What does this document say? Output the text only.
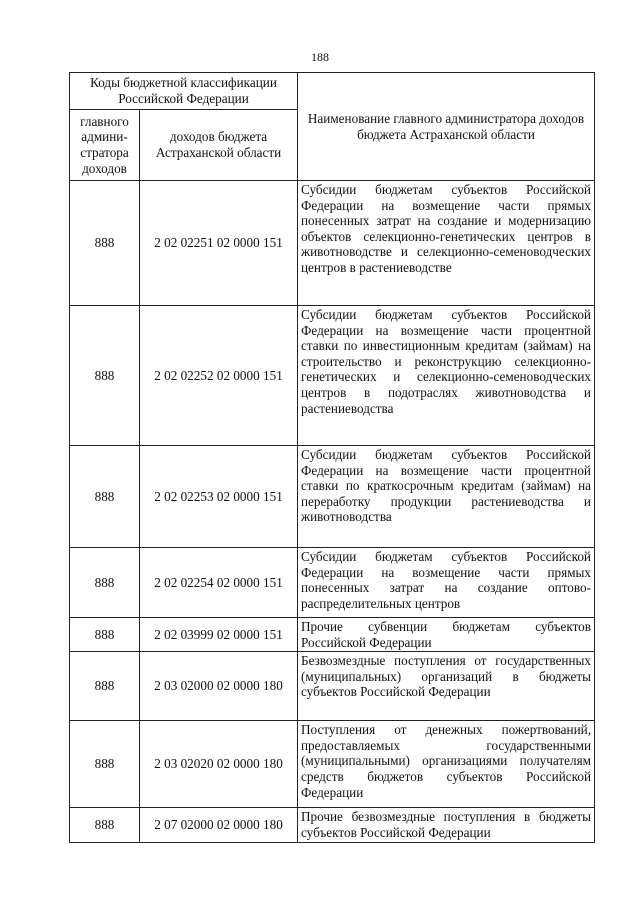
188
Коды бюджетной классификации Российской Федерации		Наименование главного администратора доходов бюджета Астраханской области
главного админи-стратора доходов	доходов бюджета Астраханской области	
888	2 02 02251 02 0000 151	Субсидии бюджетам субъектов Российской Федерации на возмещение части прямых понесенных затрат на создание и модернизацию объектов селекционно-генетических центров в животноводстве и селекционно-семеноводческих центров в растениеводстве
888	2 02 02252 02 0000 151	Субсидии бюджетам субъектов Российской Федерации на возмещение части процентной ставки по инвестиционным кредитам (займам) на строительство и реконструкцию селекционно-генетических и селекционно-семеноводческих центров в подотраслях животноводства и растениеводства
888	2 02 02253 02 0000 151	Субсидии бюджетам субъектов Российской Федерации на возмещение части процентной ставки по краткосрочным кредитам (займам) на переработку продукции растениеводства и животноводства
888	2 02 02254 02 0000 151	Субсидии бюджетам субъектов Российской Федерации на возмещение части прямых понесенных затрат на создание оптово-распределительных центров
888	2 02 03999 02 0000 151	Прочие субвенции бюджетам субъектов Российской Федерации
888	2 03 02000 02 0000 180	Безвозмездные поступления от государственных (муниципальных) организаций в бюджеты субъектов Российской Федерации
888	2 03 02020 02 0000 180	Поступления от денежных пожертвований, предоставляемых государственными (муниципальными) организациями получателям средств бюджетов субъектов Российской Федерации
888	2 07 02000 02 0000 180	Прочие безвозмездные поступления в бюджеты субъектов Российской Федерации
